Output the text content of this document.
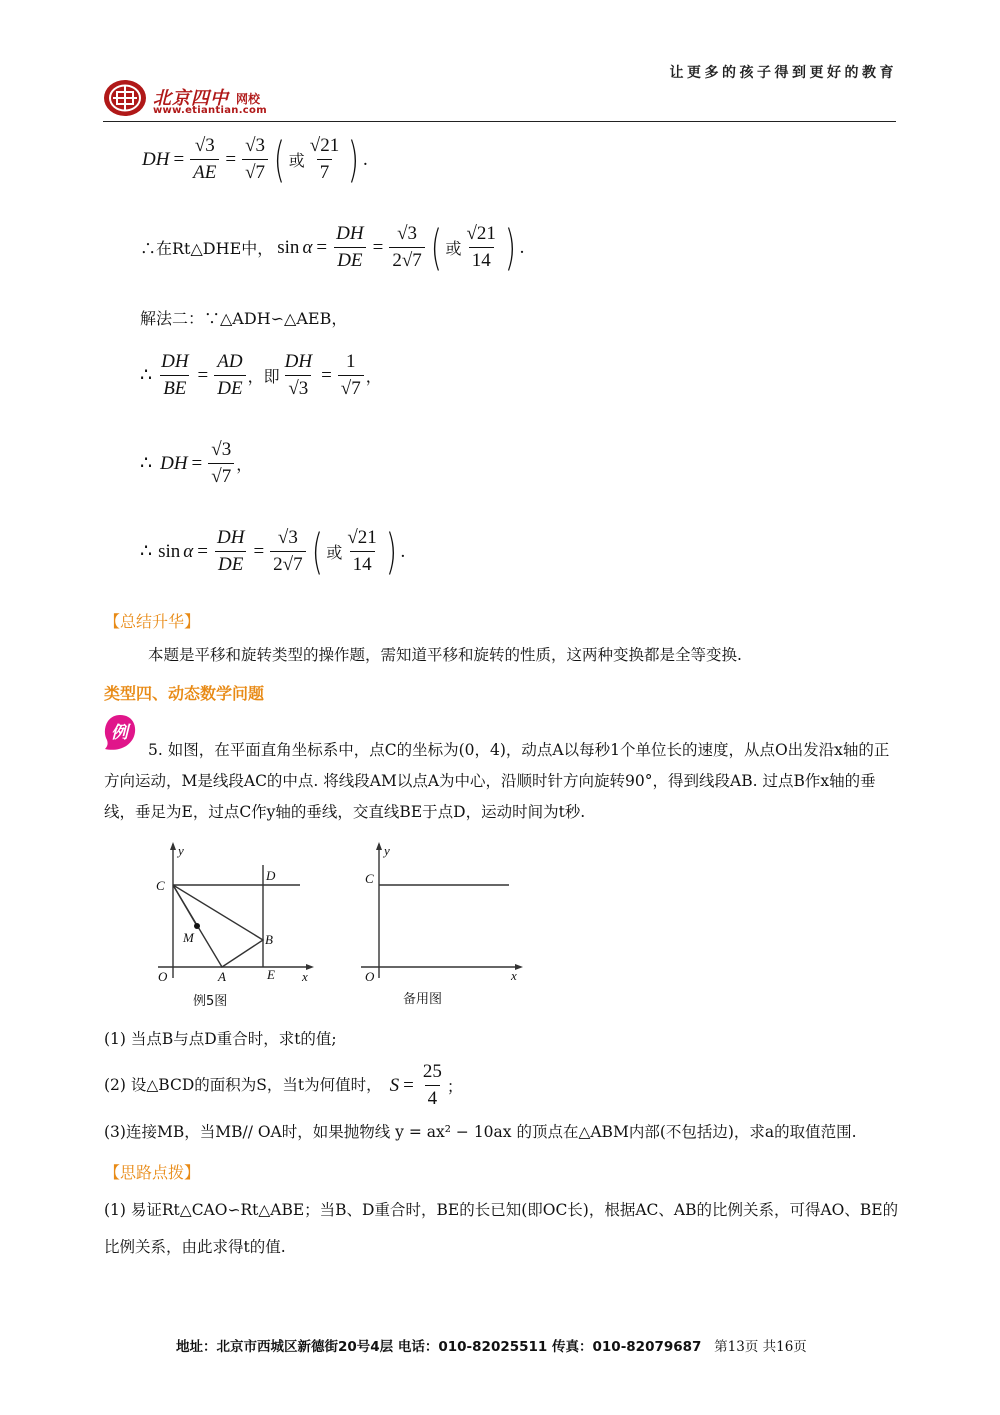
让更多的孩子得到更好的教育
北京四中 网校
www.etiantian.com
DH = $\frac{√3}{AE} = \frac{√3}{√7}$ ( 或 $\frac{√21}{7}$ ) .
∴在Rt△DHE中， $\sin \alpha = \frac{DH}{DE} = \frac{√3}{2√7}$ ( 或 $\frac{√21}{14}$ ) .
解法二：∵△ADH∽△AEB，
∴ $\frac{DH}{BE} = \frac{AD}{DE}$ ， 即 $\frac{DH}{√3} = \frac{1}{√7}$ ，
∴ DH = $\frac{√3}{√7}$ ，
∴ $\sin \alpha = \frac{DH}{DE} = \frac{√3}{2√7}$ ( 或 $\frac{√21}{14}$ ) .
【总结升华】
本题是平移和旋转类型的操作题，需知道平移和旋转的性质，这两种变换都是全等变换.
类型四、动态数学问题
例
5. 如图，在平面直角坐标系中，点C的坐标为(0，4)，动点A以每秒1个单位长的速度，从点O出发沿x轴的正方向运动，M是线段AC的中点. 将线段AM以点A为中心，沿顺时针方向旋转90°，得到线段AB. 过点B作x轴的垂线，垂足为E，过点C作y轴的垂线，交直线BE于点D，运动时间为t秒.
y
C
D
M	B
O	A	E x
例5图
y
C
O	x
备用图
(1) 当点B与点D重合时，求t的值;
(2) 设△BCD的面积为S，当t为何值时， $S = \frac{25}{4}$ ；
(3)连接MB，当MB// OA时，如果抛物线 y = ax² − 10ax 的顶点在△ABM内部(不包括边)，求a的取值范围.
【思路点拨】
(1) 易证Rt△CAO∽Rt△ABE；当B、D重合时，BE的长已知(即OC长)，根据AC、AB的比例关系，可得AO、BE的比例关系，由此求得t的值.
地址：北京市西城区新德街20号4层 电话：010-82025511 传真：010-82079687 第13页 共16页
